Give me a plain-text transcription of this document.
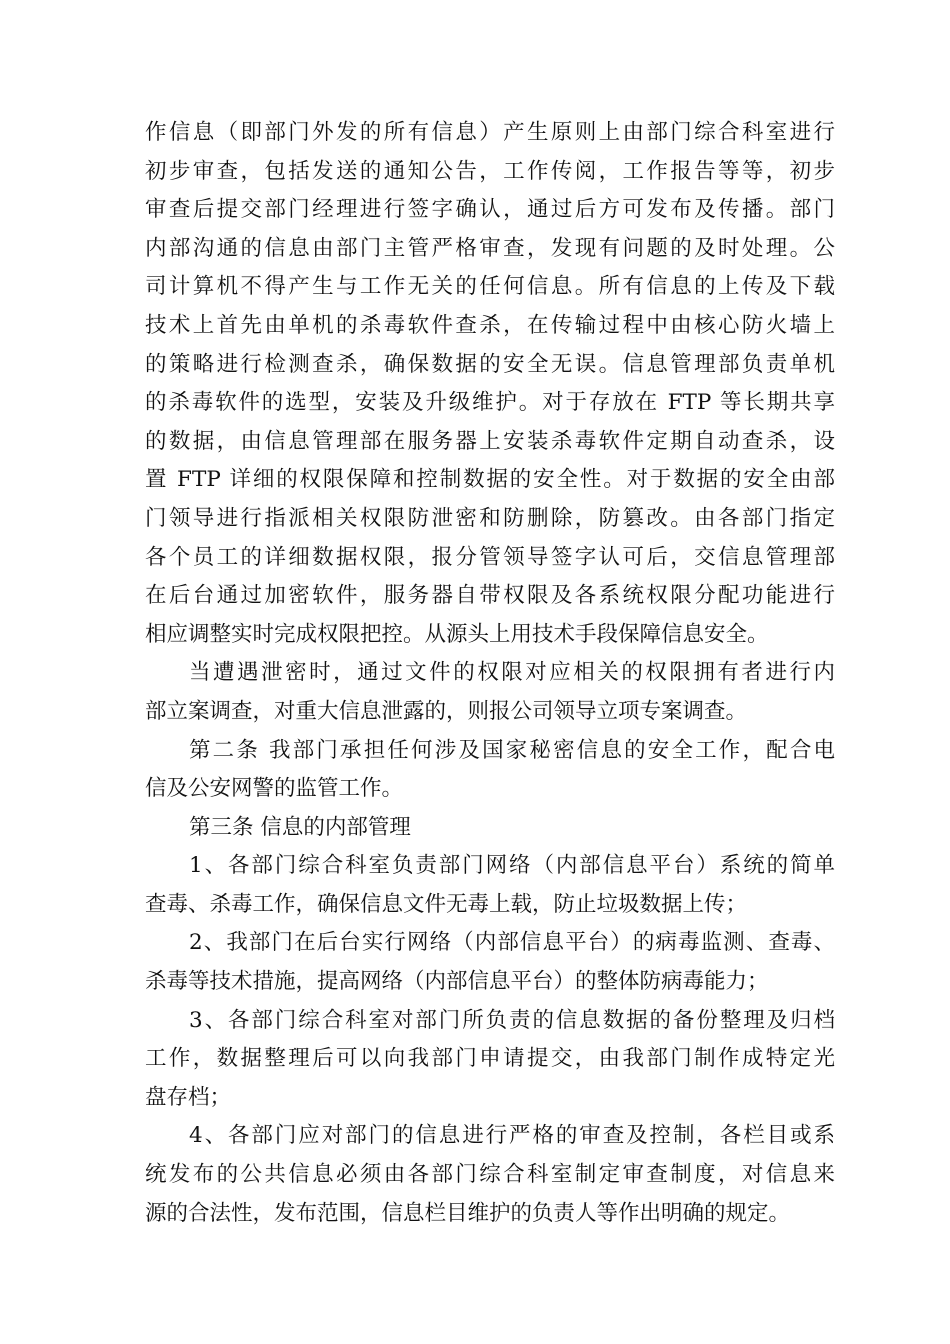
作信息（即部门外发的所有信息）产生原则上由部门综合科室进行
初步审查，包括发送的通知公告，工作传阅，工作报告等等，初步
审查后提交部门经理进行签字确认，通过后方可发布及传播。部门
内部沟通的信息由部门主管严格审查，发现有问题的及时处理。公
司计算机不得产生与工作无关的任何信息。所有信息的上传及下载
技术上首先由单机的杀毒软件查杀，在传输过程中由核心防火墙上
的策略进行检测查杀，确保数据的安全无误。信息管理部负责单机
的杀毒软件的选型，安装及升级维护。对于存放在 FTP 等长期共享
的数据，由信息管理部在服务器上安装杀毒软件定期自动查杀，设
置 FTP 详细的权限保障和控制数据的安全性。对于数据的安全由部
门领导进行指派相关权限防泄密和防删除，防篡改。由各部门指定
各个员工的详细数据权限，报分管领导签字认可后，交信息管理部
在后台通过加密软件，服务器自带权限及各系统权限分配功能进行
相应调整实时完成权限把控。从源头上用技术手段保障信息安全。
当遭遇泄密时，通过文件的权限对应相关的权限拥有者进行内
部立案调查，对重大信息泄露的，则报公司领导立项专案调查。
第二条 我部门承担任何涉及国家秘密信息的安全工作，配合电
信及公安网警的监管工作。
第三条 信息的内部管理
1、各部门综合科室负责部门网络（内部信息平台）系统的简单
查毒、杀毒工作，确保信息文件无毒上载，防止垃圾数据上传；
2、我部门在后台实行网络（内部信息平台）的病毒监测、查毒、
杀毒等技术措施，提高网络（内部信息平台）的整体防病毒能力；
3、各部门综合科室对部门所负责的信息数据的备份整理及归档
工作，数据整理后可以向我部门申请提交，由我部门制作成特定光
盘存档；
4、各部门应对部门的信息进行严格的审查及控制，各栏目或系
统发布的公共信息必须由各部门综合科室制定审查制度，对信息来
源的合法性，发布范围，信息栏目维护的负责人等作出明确的规定。
